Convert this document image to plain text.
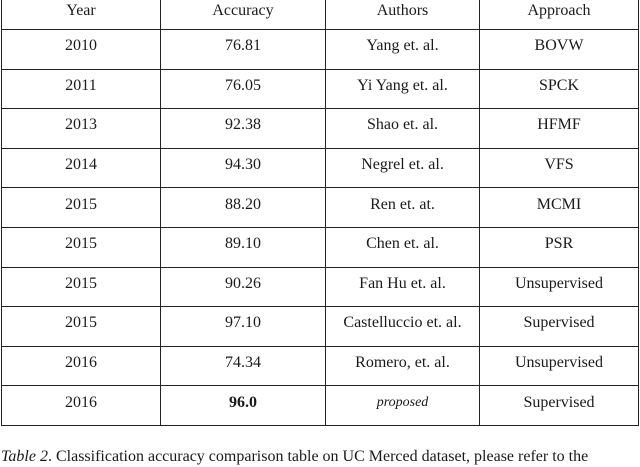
Year	Accuracy	Authors	Approach
2010	76.81	Yang et. al.	BOVW
2011	76.05	Yi Yang et. al.	SPCK
2013	92.38	Shao et. al.	HFMF
2014	94.30	Negrel et. al.	VFS
2015	88.20	Ren et. at.	MCMI
2015	89.10	Chen et. al.	PSR
2015	90.26	Fan Hu et. al.	Unsupervised
2015	97.10	Castelluccio et. al.	Supervised
2016	74.34	Romero, et. al.	Unsupervised
2016	96.0	proposed	Supervised
Table 2. Classification accuracy comparison table on UC Merced dataset, please refer to the
